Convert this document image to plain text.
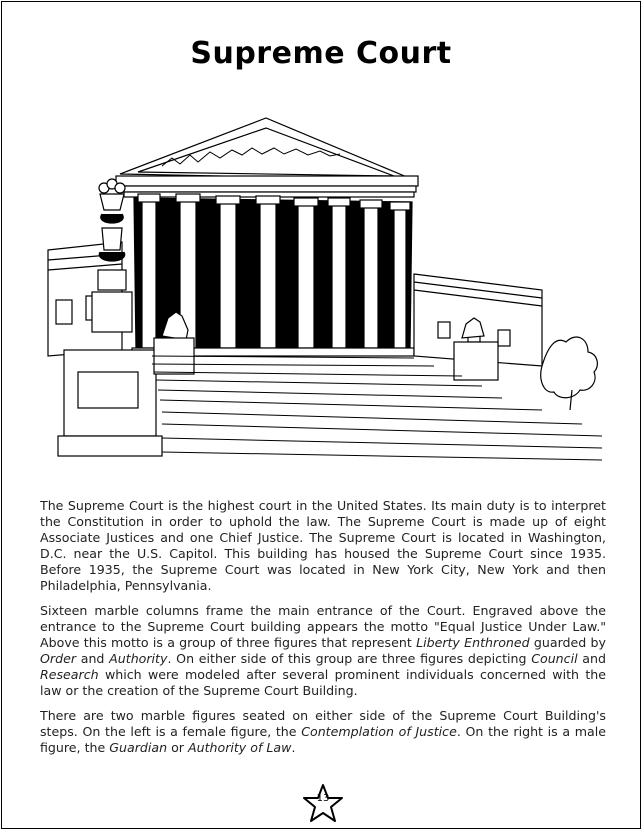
Supreme Court

The Supreme Court is the highest court in the United States. Its main duty is to interpret the Constitution in order to uphold the law. The Supreme Court is made up of eight Associate Justices and one Chief Justice. The Supreme Court is located in Washington, D.C. near the U.S. Capitol. This building has housed the Supreme Court since 1935. Before 1935, the Supreme Court was located in New York City, New York and then Philadelphia, Pennsylvania.

Sixteen marble columns frame the main entrance of the Court. Engraved above the entrance to the Supreme Court building appears the motto "Equal Justice Under Law." Above this motto is a group of three figures that represent Liberty Enthroned guarded by Order and Authority. On either side of this group are three figures depicting Council and Research which were modeled after several prominent individuals concerned with the law or the creation of the Supreme Court Building.

There are two marble figures seated on either side of the Supreme Court Building's steps. On the left is a female figure, the Contemplation of Justice. On the right is a male figure, the Guardian or Authority of Law.

13
